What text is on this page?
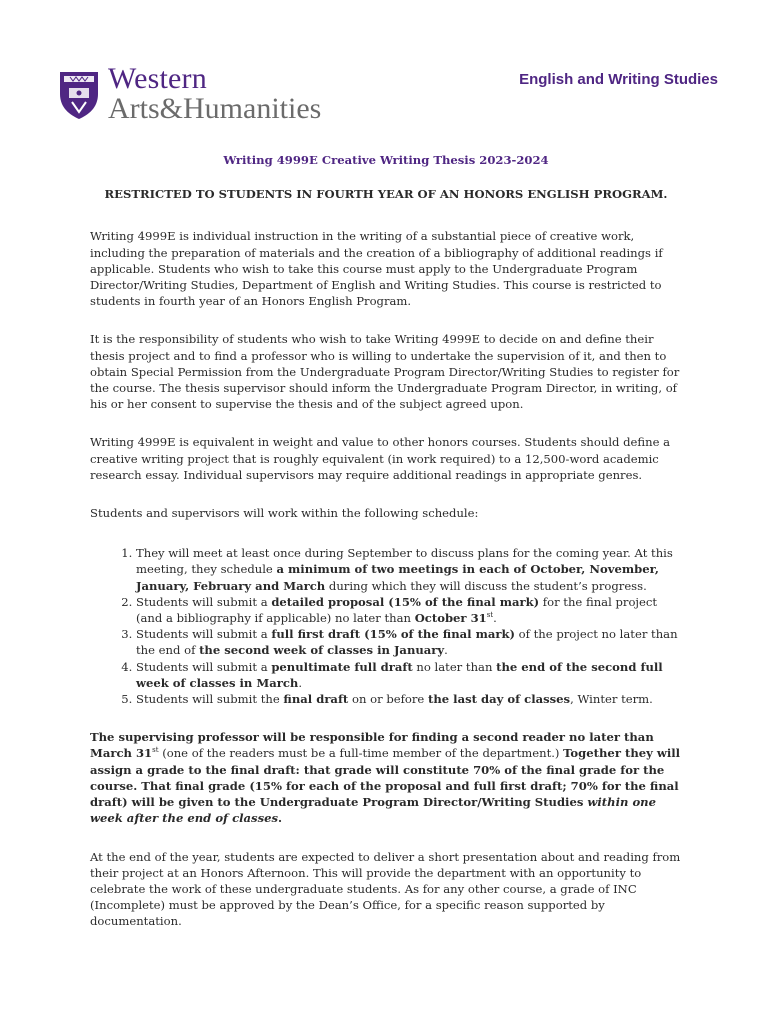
Western
Arts&Humanities
English and Writing Studies
Writing 4999E Creative Writing Thesis 2023-2024
RESTRICTED TO STUDENTS IN FOURTH YEAR OF AN HONORS ENGLISH PROGRAM.

Writing 4999E is individual instruction in the writing of a substantial piece of creative work, including the preparation of materials and the creation of a bibliography of additional readings if applicable. Students who wish to take this course must apply to the Undergraduate Program Director/Writing Studies, Department of English and Writing Studies. This course is restricted to students in fourth year of an Honors English Program.

It is the responsibility of students who wish to take Writing 4999E to decide on and define their thesis project and to find a professor who is willing to undertake the supervision of it, and then to obtain Special Permission from the Undergraduate Program Director/Writing Studies to register for the course. The thesis supervisor should inform the Undergraduate Program Director, in writing, of his or her consent to supervise the thesis and of the subject agreed upon.

Writing 4999E is equivalent in weight and value to other honors courses. Students should define a creative writing project that is roughly equivalent (in work required) to a 12,500-word academic research essay. Individual supervisors may require additional readings in appropriate genres.

Students and supervisors will work within the following schedule:

1. They will meet at least once during September to discuss plans for the coming year. At this meeting, they schedule a minimum of two meetings in each of October, November, January, February and March during which they will discuss the student’s progress.
2. Students will submit a detailed proposal (15% of the final mark) for the final project (and a bibliography if applicable) no later than October 31st.
3. Students will submit a full first draft (15% of the final mark) of the project no later than the end of the second week of classes in January.
4. Students will submit a penultimate full draft no later than the end of the second full week of classes in March.
5. Students will submit the final draft on or before the last day of classes, Winter term.

The supervising professor will be responsible for finding a second reader no later than March 31st (one of the readers must be a full-time member of the department.) Together they will assign a grade to the final draft: that grade will constitute 70% of the final grade for the course. That final grade (15% for each of the proposal and full first draft; 70% for the final draft) will be given to the Undergraduate Program Director/Writing Studies within one week after the end of classes.

At the end of the year, students are expected to deliver a short presentation about and reading from their project at an Honors Afternoon. This will provide the department with an opportunity to celebrate the work of these undergraduate students. As for any other course, a grade of INC (Incomplete) must be approved by the Dean’s Office, for a specific reason supported by documentation.
